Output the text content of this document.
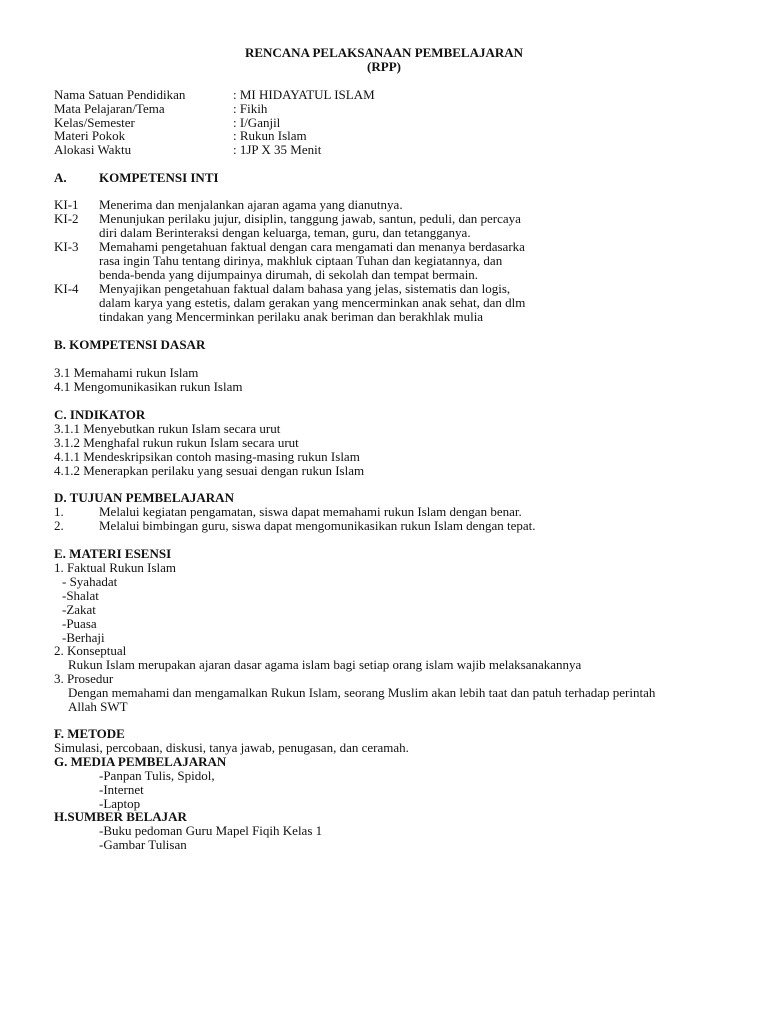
RENCANA PELAKSANAAN PEMBELAJARAN
(RPP)
Nama Satuan Pendidikan	: MI HIDAYATUL ISLAM
Mata Pelajaran/Tema	: Fikih
Kelas/Semester	: I/Ganjil
Materi Pokok	: Rukun Islam
Alokasi Waktu	: 1JP X 35 Menit
A. KOMPETENSI INTI
KI-1 Menerima dan menjalankan ajaran agama yang dianutnya.
KI-2 Menunjukan perilaku jujur, disiplin, tanggung jawab, santun, peduli, dan percaya
diri dalam Berinteraksi dengan keluarga, teman, guru, dan tetangganya.
KI-3 Memahami pengetahuan faktual dengan cara mengamati dan menanya berdasarka
rasa ingin Tahu tentang dirinya, makhluk ciptaan Tuhan dan kegiatannya, dan
benda-benda yang dijumpainya dirumah, di sekolah dan tempat bermain.
KI-4 Menyajikan pengetahuan faktual dalam bahasa yang jelas, sistematis dan logis,
dalam karya yang estetis, dalam gerakan yang mencerminkan anak sehat, dan dlm
tindakan yang Mencerminkan perilaku anak beriman dan berakhlak mulia
B. KOMPETENSI DASAR
3.1 Memahami rukun Islam
4.1 Mengomunikasikan rukun Islam
C. INDIKATOR
3.1.1 Menyebutkan rukun Islam secara urut
3.1.2 Menghafal rukun rukun Islam secara urut
4.1.1 Mendeskripsikan contoh masing-masing rukun Islam
4.1.2 Menerapkan perilaku yang sesuai dengan rukun Islam
D. TUJUAN PEMBELAJARAN
1.	Melalui kegiatan pengamatan, siswa dapat memahami rukun Islam dengan benar.
2.	Melalui bimbingan guru, siswa dapat mengomunikasikan rukun Islam dengan tepat.
E. MATERI ESENSI
1. Faktual Rukun Islam
- Syahadat
-Shalat
-Zakat
-Puasa
-Berhaji
2. Konseptual
Rukun Islam merupakan ajaran dasar agama islam bagi setiap orang islam wajib melaksanakannya
3. Prosedur
Dengan memahami dan mengamalkan Rukun Islam, seorang Muslim akan lebih taat dan patuh terhadap perintah
Allah SWT
F. METODE
Simulasi, percobaan, diskusi, tanya jawab, penugasan, dan ceramah.
G. MEDIA PEMBELAJARAN
-Panpan Tulis, Spidol,
-Internet
-Laptop
H.SUMBER BELAJAR
-Buku pedoman Guru Mapel Fiqih Kelas 1
-Gambar Tulisan
